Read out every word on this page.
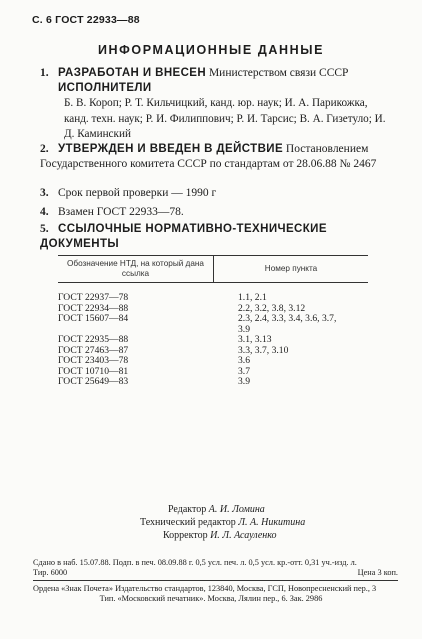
С. 6 ГОСТ 22933—88
ИНФОРМАЦИОННЫЕ ДАННЫЕ
1. РАЗРАБОТАН И ВНЕСЕН Министерством связи СССР
ИСПОЛНИТЕЛИ
Б. В. Корoп; Р. Т. Кильчицкий, канд. юр. наук; И. А. Парикожка, канд. техн. наук; Р. И. Филиппович; Р. И. Тарсис; В. А. Гизетуло; И. Д. Каминский
2. УТВЕРЖДЕН И ВВЕДЕН В ДЕЙСТВИЕ Постановлением Государственного комитета СССР по стандартам от 28.06.88 № 2467
3. Срок первой проверки — 1990 г
4. Взамен ГОСТ 22933—78.
5. ССЫЛОЧНЫЕ НОРМАТИВНО-ТЕХНИЧЕСКИЕ ДОКУМЕНТЫ
Обозначение НТД, на который дана ссылка
Номер пункта
ГОСТ 22937—78	1.1, 2.1
ГОСТ 22934—88	2.2, 3.2, 3.8, 3.12
ГОСТ 15607—84	2.3, 2.4, 3.3, 3.4, 3.6, 3.7,
3.9
ГОСТ 22935—88	3.1, 3.13
ГОСТ 27463—87	3.3, 3.7, 3.10
ГОСТ 23403—78	3.6
ГОСТ 10710—81	3.7
ГОСТ 25649—83	3.9
Редактор А. И. Ломина
Технический редактор Л. А. Никитина
Корректор И. Л. Асауленко
Сдано в наб. 15.07.88. Подп. в печ. 08.09.88 г. 0,5 усл. печ. л. 0,5 усл. кр.-отт. 0,31 уч.-изд. л.
Тир. 6000	Цена 3 коп.
Ордена «Знак Почета» Издательство стандартов, 123840, Москва, ГСП, Новопресненский пер., 3
Тип. «Московский печатник». Москва, Лялин пер., 6. Зак. 2986
